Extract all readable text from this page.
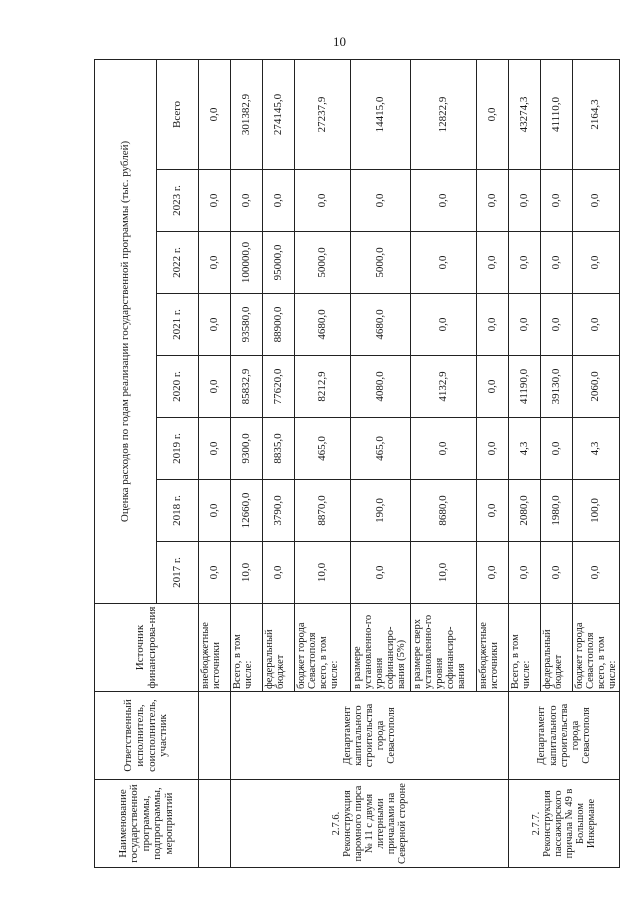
10
Наименование государственной программы, подпрограммы, мероприятий	Ответственный исполнитель, соисполнитель, участник	Источник финансирова-ния	Оценка расходов по годам реализации государственной программы (тыс. рублей)							
			2017 г.	2018 г.	2019 г.	2020 г.	2021 г.	2022 г.	2023 г.	Всего
		внебюджетные источники	0,0	0,0	0,0	0,0	0,0	0,0	0,0	0,0
2.7.6. Реконструкция паромного пирса № 11 с двумя литерными причалами на Северной стороне	Департамент капитального строительства города Севастополя	Всего, в том числе:	10,0	12660,0	9300,0	85832,9	93580,0	100000,0	0,0	301382,9
		федеральный бюджет	0,0	3790,0	8835,0	77620,0	88900,0	95000,0	0,0	274145,0
		бюджет города Севастополя всего, в том числе:	10,0	8870,0	465,0	8212,9	4680,0	5000,0	0,0	27237,9
		в размере установленно-го уровня софинансиро-вания (5%)	0,0	190,0	465,0	4080,0	4680,0	5000,0	0,0	14415,0
		в размере сверх установленно-го уровня софинансиро-вания	10,0	8680,0	0,0	4132,9	0,0	0,0	0,0	12822,9
		внебюджетные источники	0,0	0,0	0,0	0,0	0,0	0,0	0,0	0,0
2.7.7. Реконструкция пассажирского причала № 49 в Большом Инкермане	Департамент капитального строительства города Севастополя	Всего, в том числе:	0,0	2080,0	4,3	41190,0	0,0	0,0	0,0	43274,3
		федеральный бюджет	0,0	1980,0	0,0	39130,0	0,0	0,0	0,0	41110,0
		бюджет города Севастополя всего, в том числе:	0,0	100,0	4,3	2060,0	0,0	0,0	0,0	2164,3
